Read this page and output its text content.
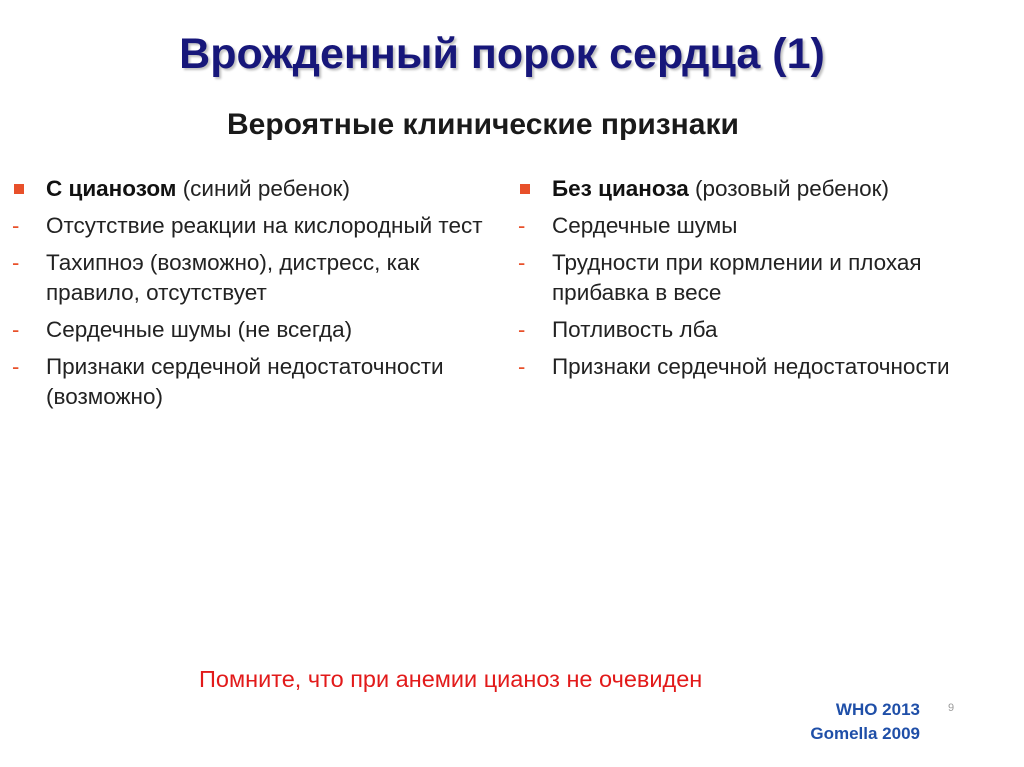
Врожденный порок сердца (1)
Вероятные клинические признаки
С цианозом (синий ребенок)
- Отсутствие реакции на кислородный тест
- Тахипноэ (возможно), дистресс, как правило, отсутствует
- Сердечные шумы (не всегда)
- Признаки сердечной недостаточности (возможно)
Без цианоза (розовый ребенок)
- Сердечные шумы
- Трудности при кормлении и плохая прибавка в весе
- Потливость лба
- Признаки сердечной недостаточности
Помните, что при анемии цианоз не очевиден
WHO 2013
Gomella 2009
9
